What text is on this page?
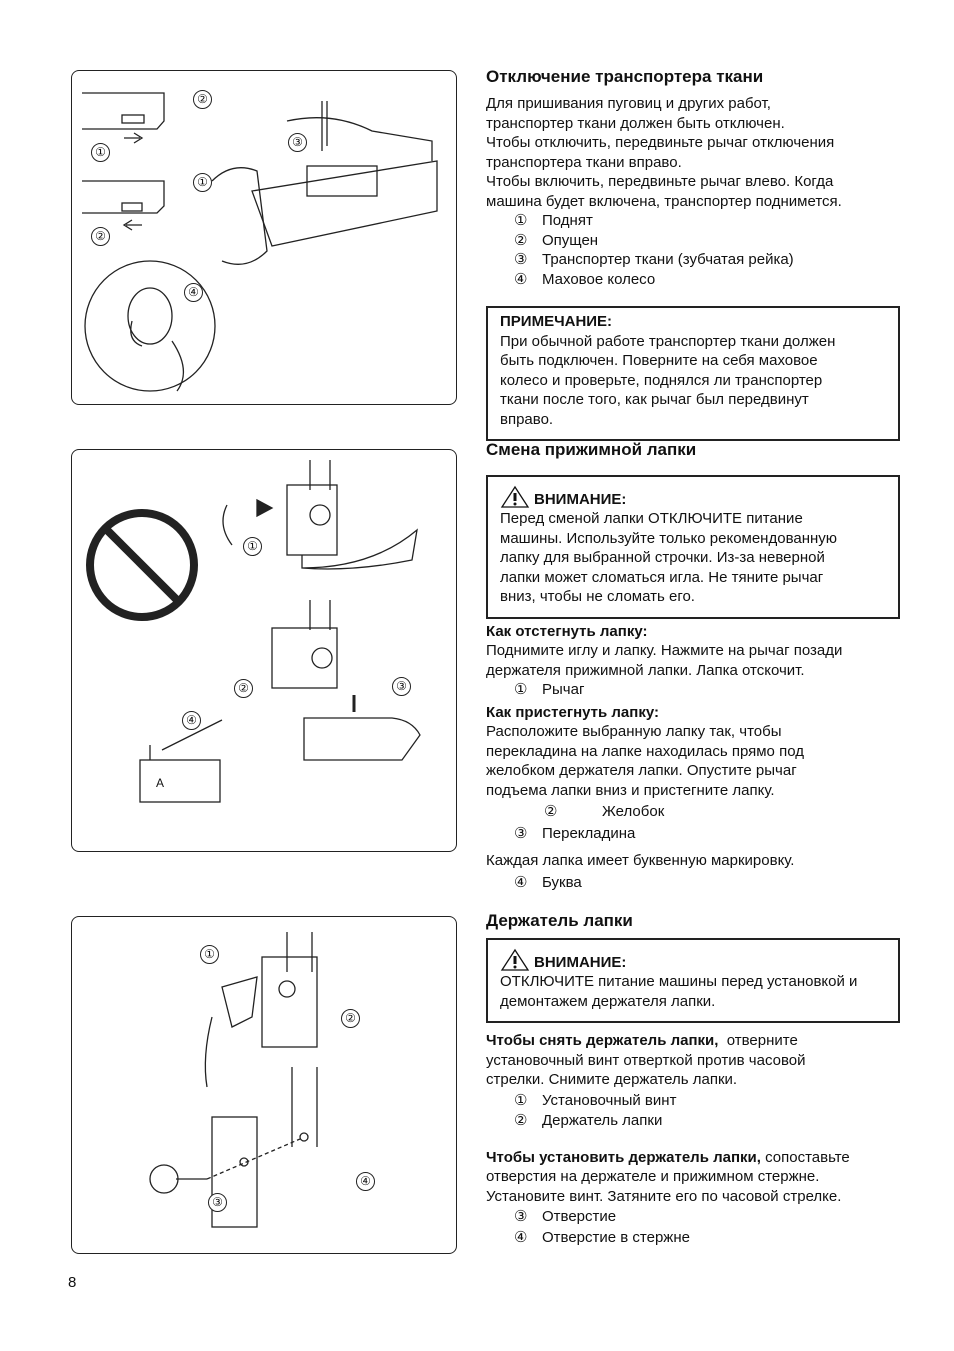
②
①
③
①
②
④
A
①
②	③
④
①
②
③
④
Отключение транспортера ткани

Для пришивания пуговиц и других работ,

транспортер ткани должен быть отключен.

Чтобы отключить, передвиньте рычаг отключения

транспортера ткани вправо.

Чтобы включить, передвиньте рычаг влево. Когда

машина будет включена, транспортер поднимется.

① Поднят

② Опущен

③ Транспортер ткани (зубчатая рейка)

④ Маховое колесо

ПРИМЕЧАНИЕ:

При обычной работе транспортер ткани должен

быть подключен. Поверните на себя маховое

колесо и проверьте, поднялся ли транспортер

ткани после того, как рычаг был передвинут

вправо.

Смена прижимной лапки
ВНИМАНИЕ:

Перед сменой лапки ОТКЛЮЧИТЕ питание

машины. Используйте только рекомендованную

лапку для выбранной строчки. Из-за неверной

лапки может сломаться игла. Не тяните рычаг

вниз, чтобы не сломать его.

Как отстегнуть лапку:

Поднимите иглу и лапку. Нажмите на рычаг позади

держателя прижимной лапки. Лапка отскочит.

① Рычаг

Как пристегнуть лапку:

Расположите выбранную лапку так, чтобы

перекладина на лапке находилась прямо под

желобком держателя лапки. Опустите рычаг

подъема лапки вниз и пристегните лапку.

②	Желобок

③ Перекладина

Каждая лапка имеет буквенную маркировку.

④ Буква

Держатель лапки
ВНИМАНИЕ:

ОТКЛЮЧИТЕ питание машины перед установкой и

демонтажем держателя лапки.

Чтобы снять держатель лапки, отверните

установочный винт отверткой против часовой

стрелки. Снимите держатель лапки.

① Установочный винт

② Держатель лапки

Чтобы установить держатель лапки, сопоставьте

отверстия на держателе и прижимном стержне.

Установите винт. Затяните его по часовой стрелке.

③ Отверстие

④ Отверстие в стержне

8
